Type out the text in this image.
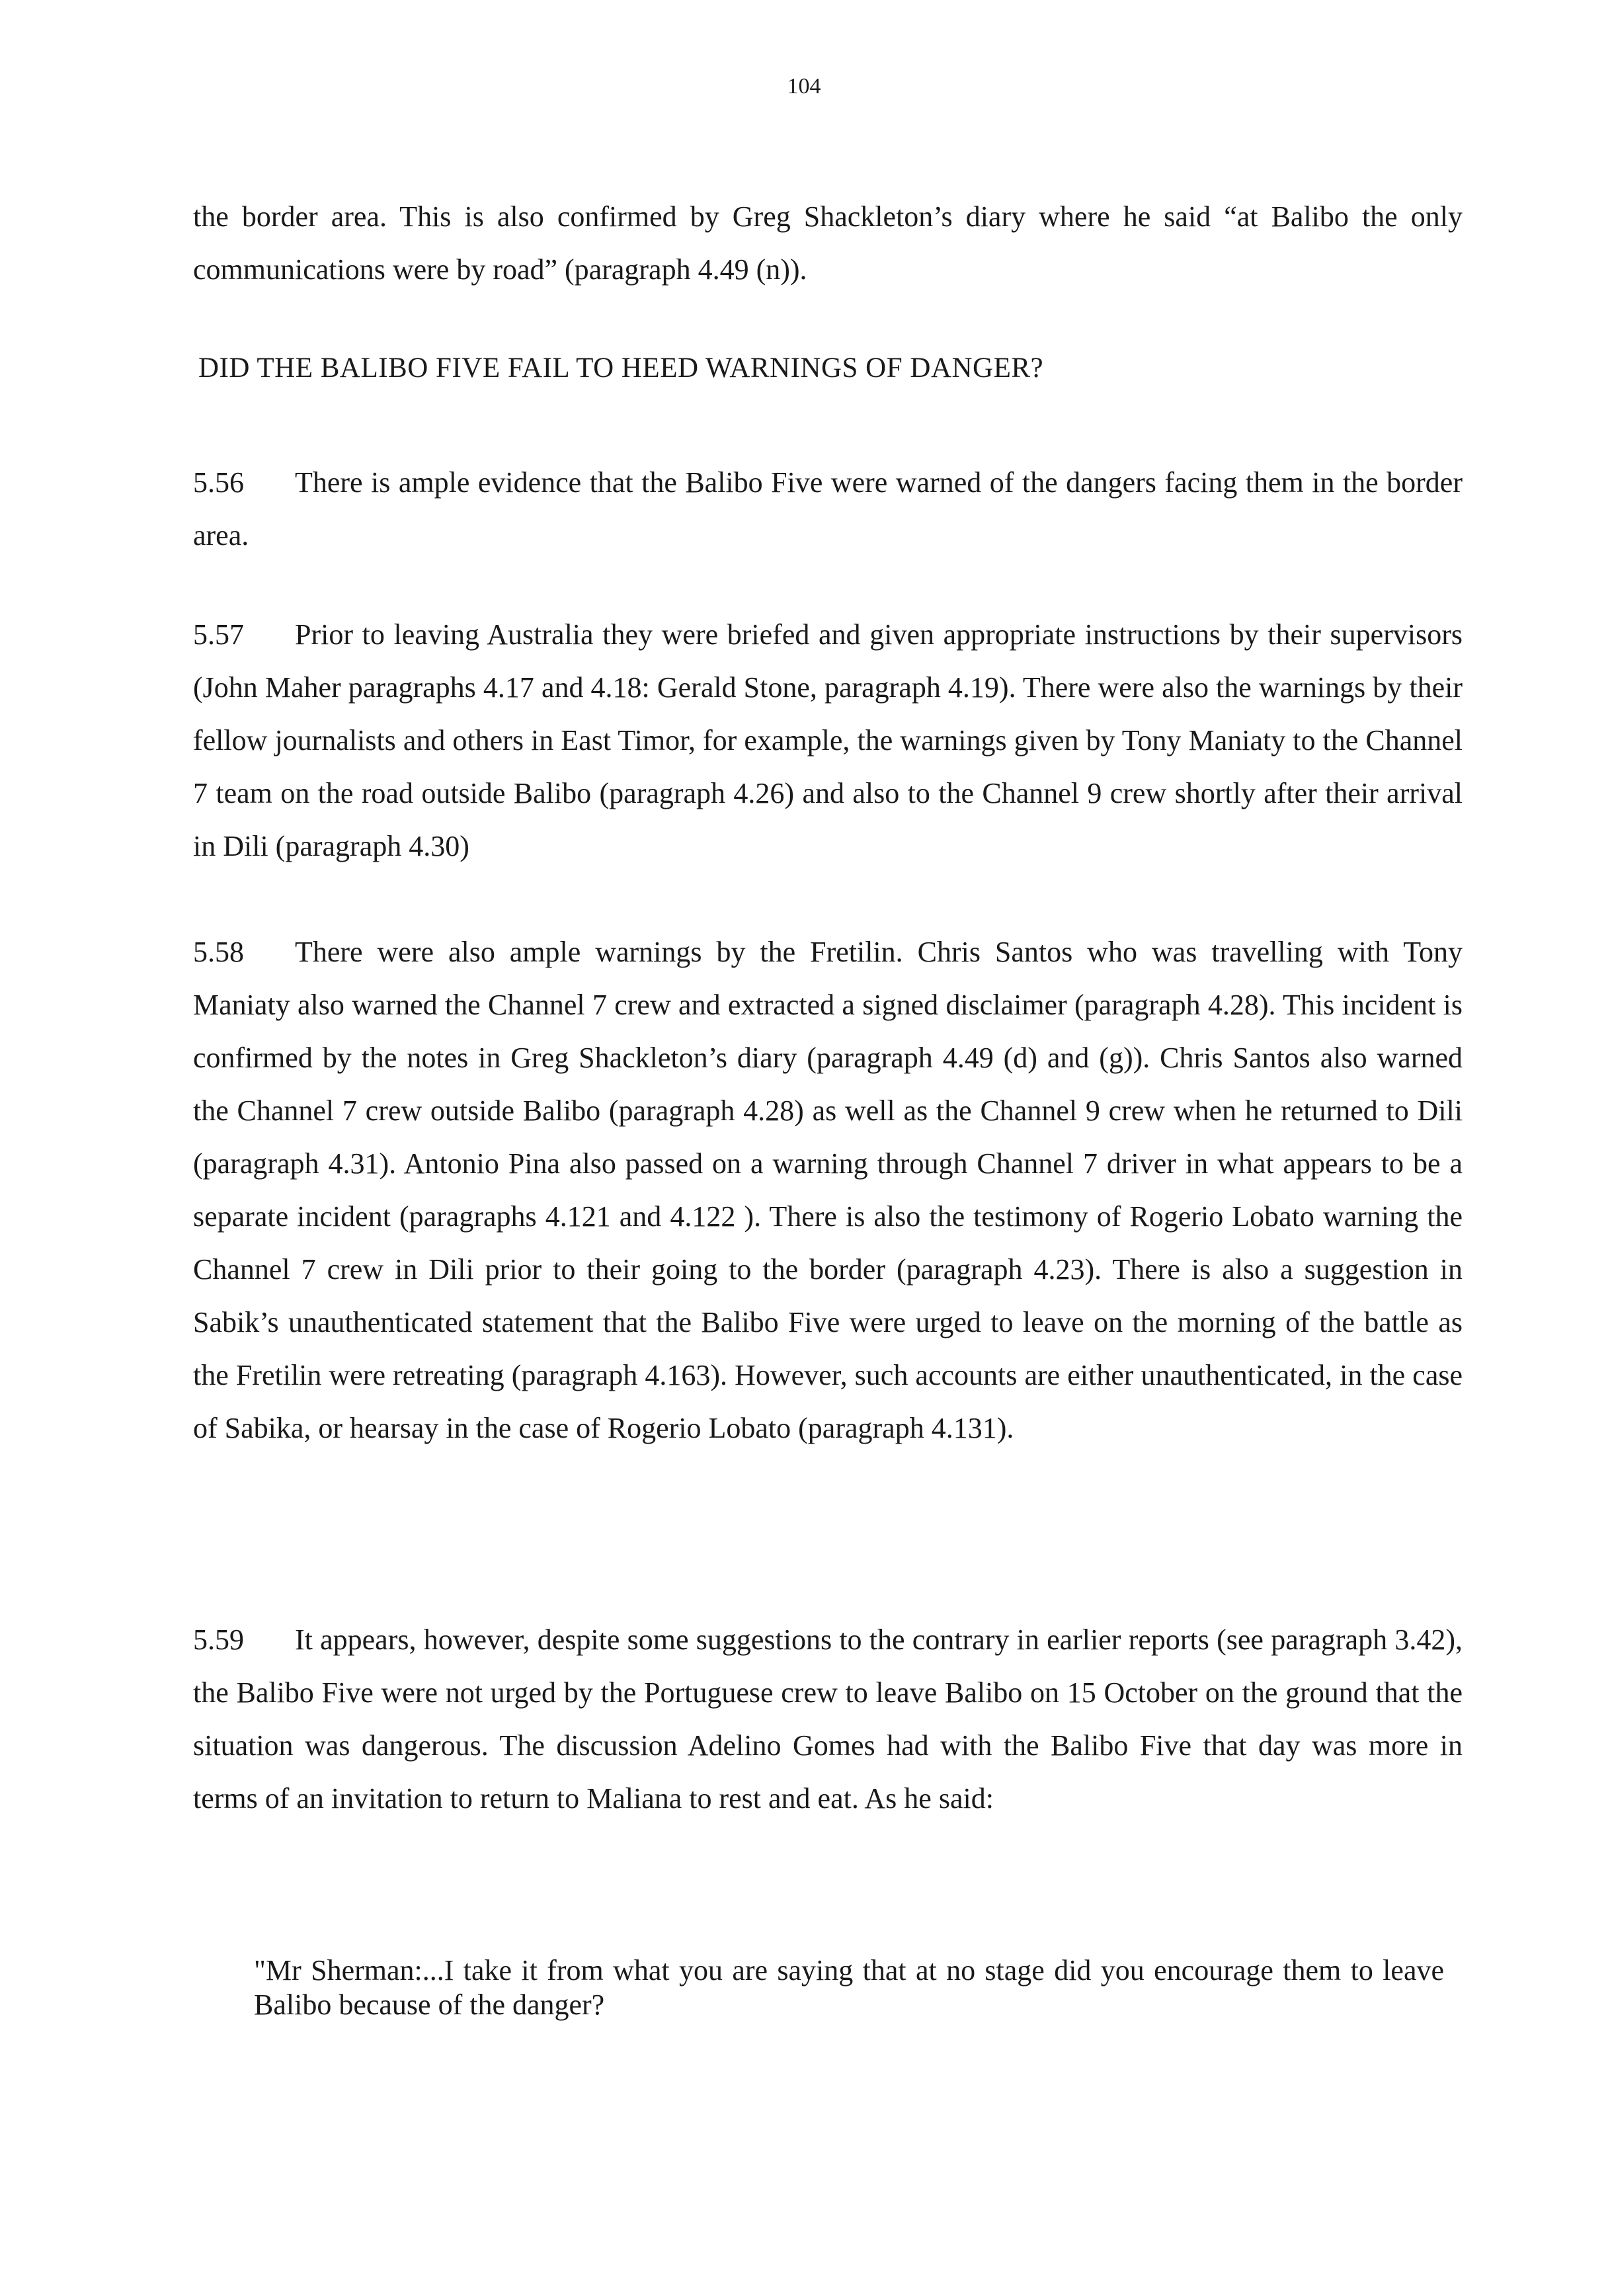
104
the border area. This is also confirmed by Greg Shackleton’s diary where he said “at Balibo the only communications were by road” (paragraph 4.49 (n)).
DID THE BALIBO FIVE FAIL TO HEED WARNINGS OF DANGER?
5.56 There is ample evidence that the Balibo Five were warned of the dangers facing them in the border area.
5.57 Prior to leaving Australia they were briefed and given appropriate instructions by their supervisors (John Maher paragraphs 4.17 and 4.18: Gerald Stone, paragraph 4.19). There were also the warnings by their fellow journalists and others in East Timor, for example, the warnings given by Tony Maniaty to the Channel 7 team on the road outside Balibo (paragraph 4.26) and also to the Channel 9 crew shortly after their arrival in Dili (paragraph 4.30)
5.58 There were also ample warnings by the Fretilin. Chris Santos who was travelling with Tony Maniaty also warned the Channel 7 crew and extracted a signed disclaimer (paragraph 4.28). This incident is confirmed by the notes in Greg Shackleton’s diary (paragraph 4.49 (d) and (g)). Chris Santos also warned the Channel 7 crew outside Balibo (paragraph 4.28) as well as the Channel 9 crew when he returned to Dili (paragraph 4.31). Antonio Pina also passed on a warning through Channel 7 driver in what appears to be a separate incident (paragraphs 4.121 and 4.122 ). There is also the testimony of Rogerio Lobato warning the Channel 7 crew in Dili prior to their going to the border (paragraph 4.23). There is also a suggestion in Sabik’s unauthenticated statement that the Balibo Five were urged to leave on the morning of the battle as the Fretilin were retreating (paragraph 4.163). However, such accounts are either unauthenticated, in the case of Sabika, or hearsay in the case of Rogerio Lobato (paragraph 4.131).
5.59 It appears, however, despite some suggestions to the contrary in earlier reports (see paragraph 3.42), the Balibo Five were not urged by the Portuguese crew to leave Balibo on 15 October on the ground that the situation was dangerous. The discussion Adelino Gomes had with the Balibo Five that day was more in terms of an invitation to return to Maliana to rest and eat. As he said:
"Mr Sherman:...I take it from what you are saying that at no stage did you encourage them to leave Balibo because of the danger?
